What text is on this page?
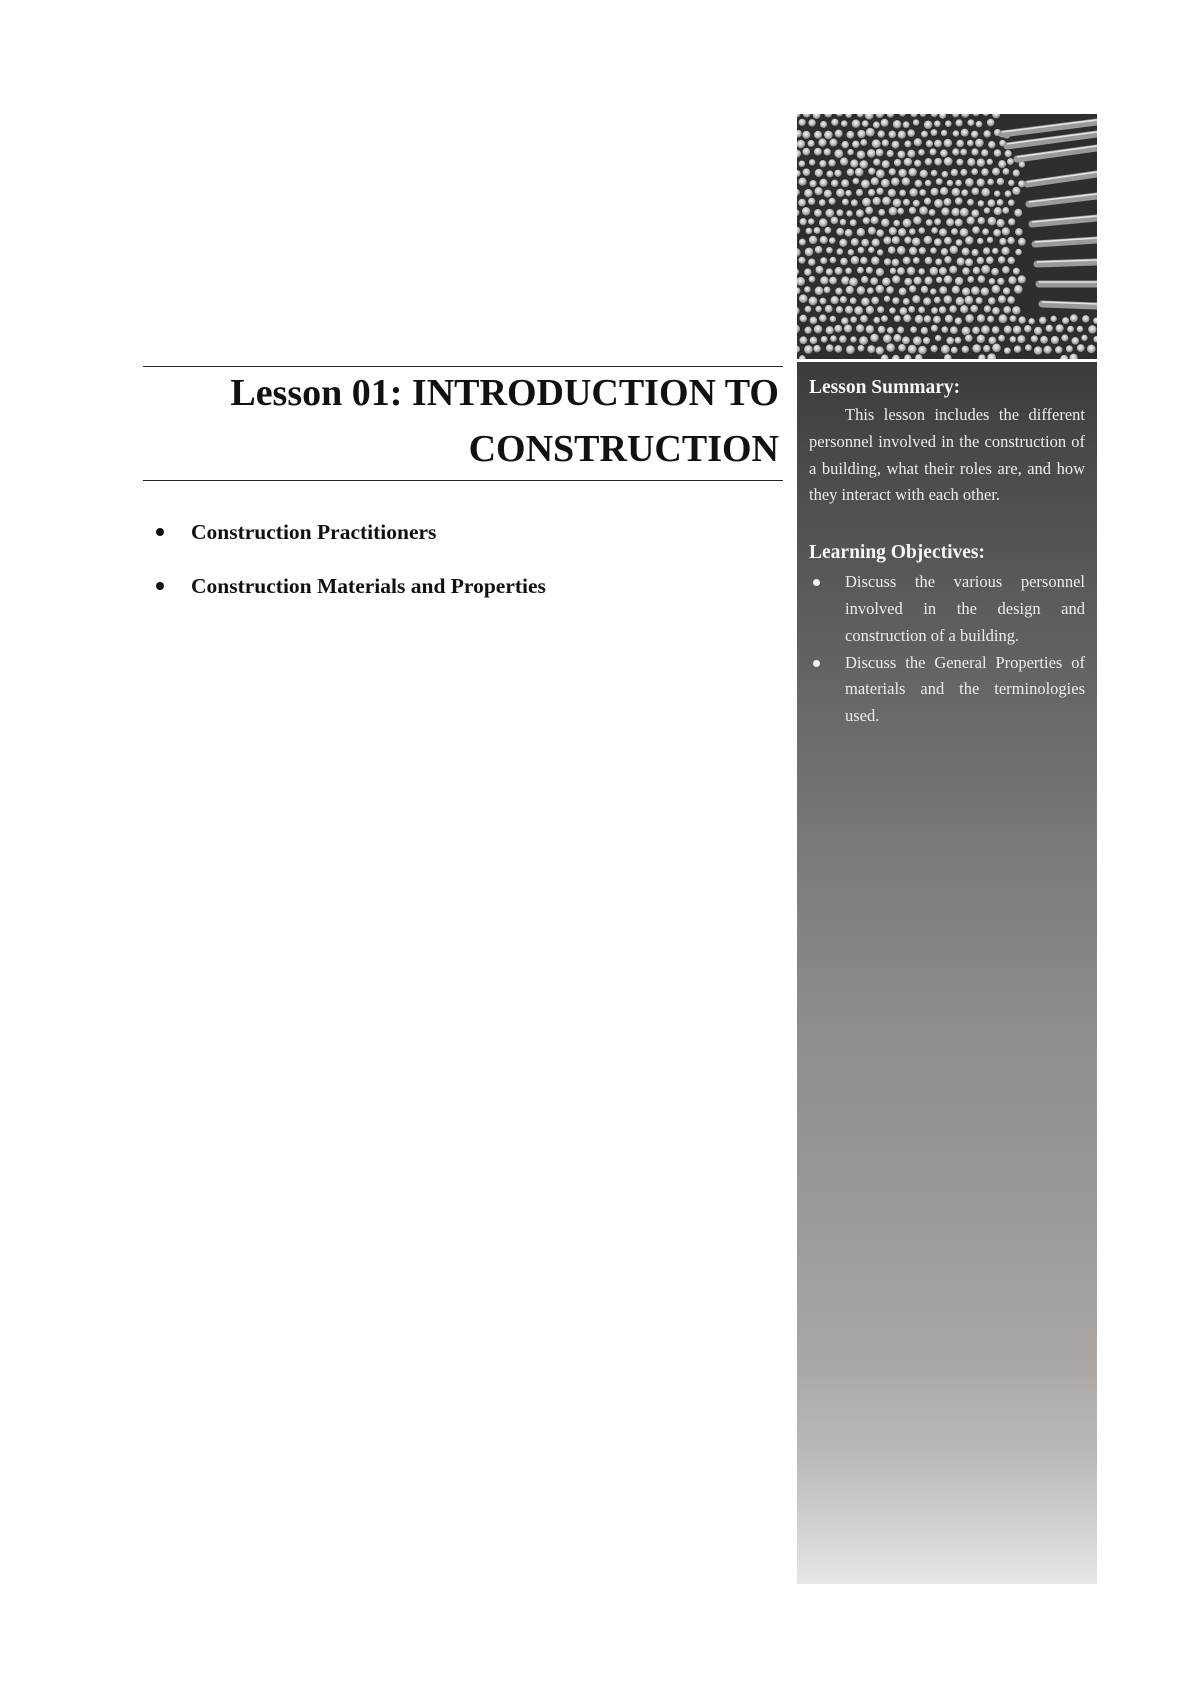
Lesson 01: INTRODUCTION TO
CONSTRUCTION
Construction Practitioners
Construction Materials and Properties

Lesson Summary:

This lesson includes the different personnel involved in the construction of a building, what their roles are, and how they interact with each other.

Learning Objectives:

Discuss the various personnel involved in the design and construction of a building.
Discuss the General Properties of materials and the terminologies used.
